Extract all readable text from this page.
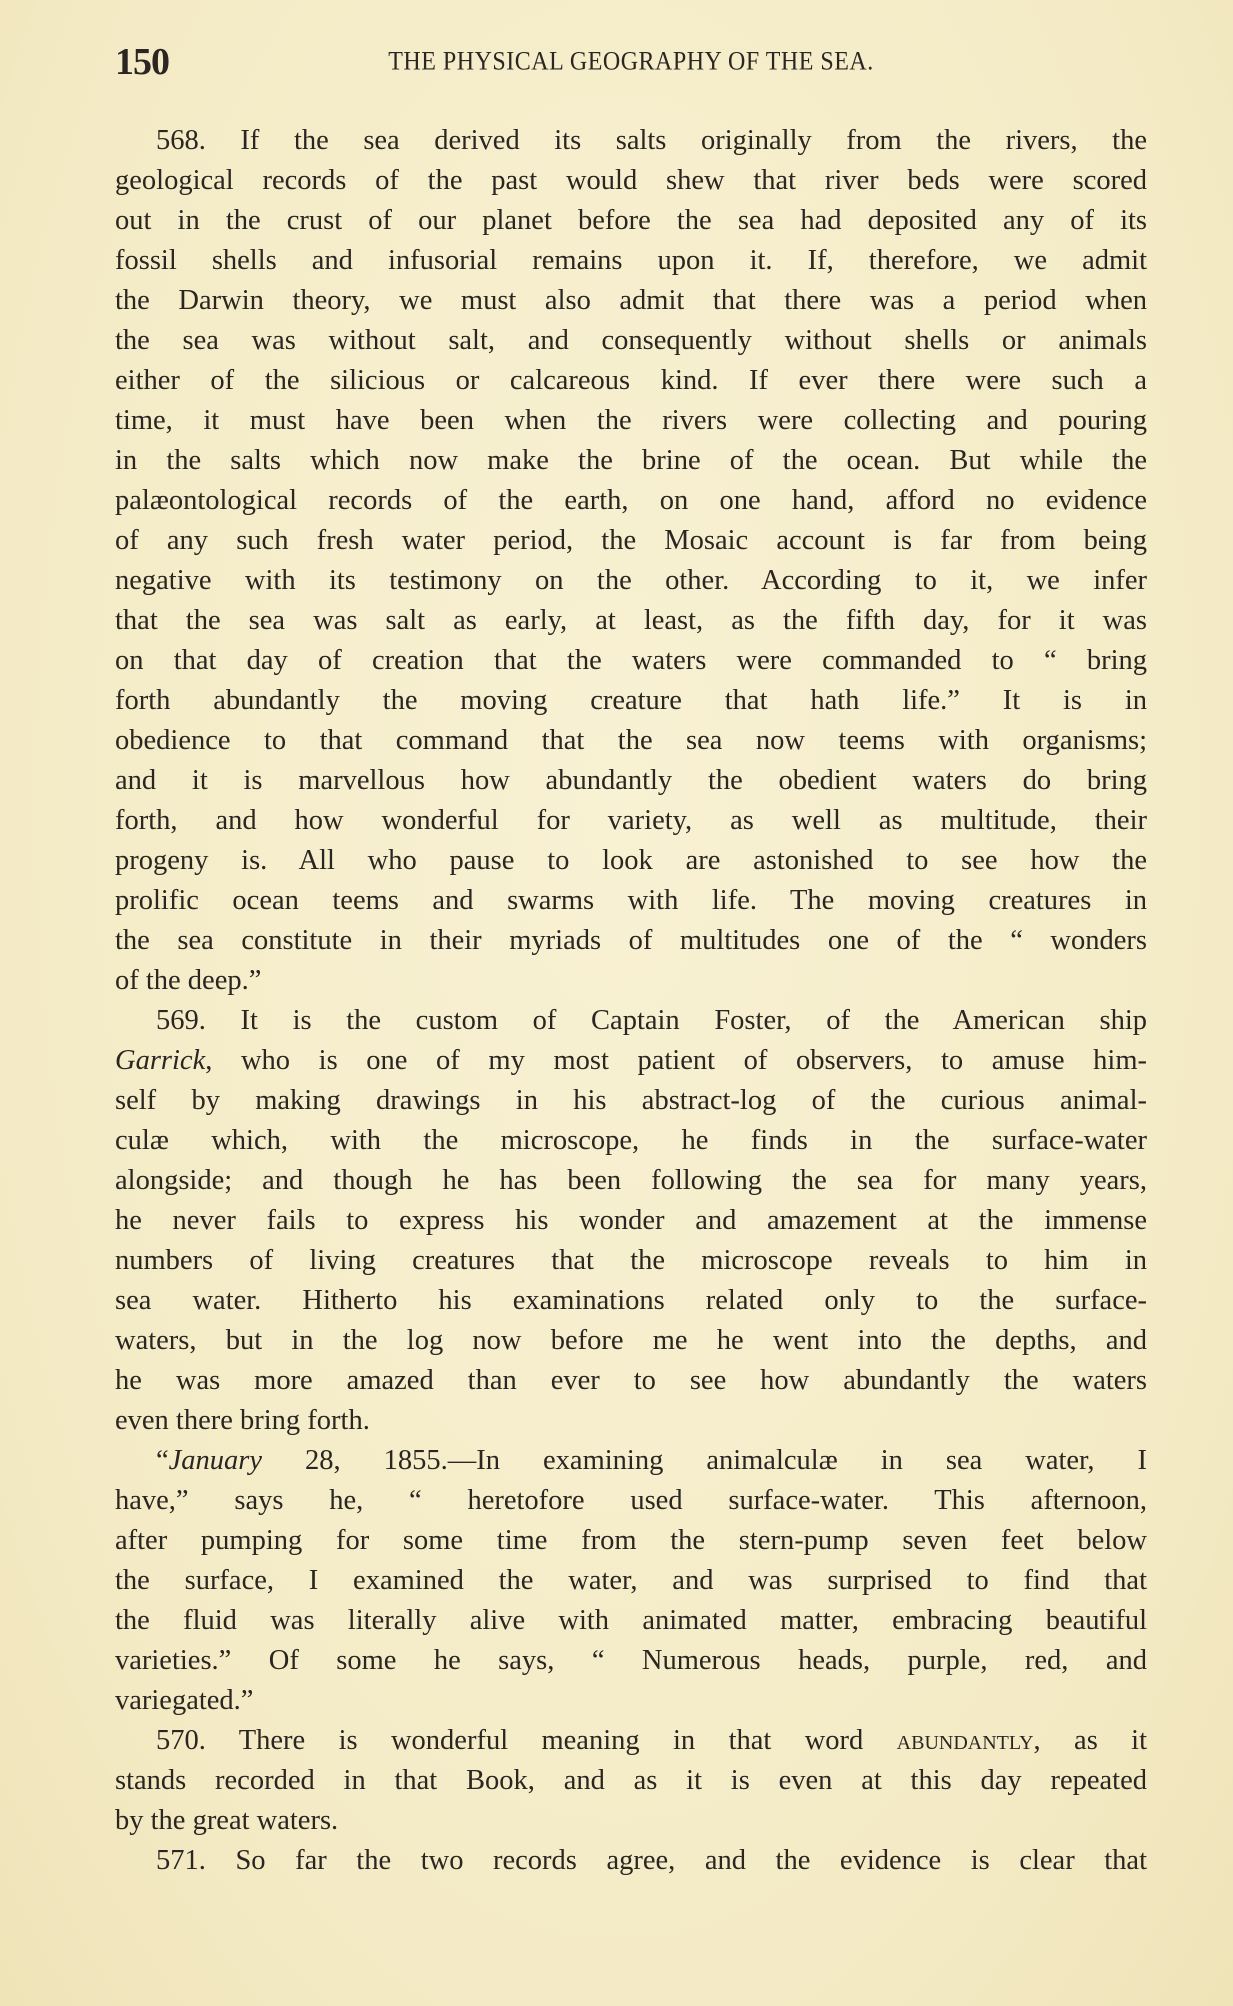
150	THE PHYSICAL GEOGRAPHY OF THE SEA.
568. If the sea derived its salts originally from the rivers, the
geological records of the past would shew that river beds were scored
out in the crust of our planet before the sea had deposited any of its
fossil shells and infusorial remains upon it. If, therefore, we admit
the Darwin theory, we must also admit that there was a period when
the sea was without salt, and consequently without shells or animals
either of the silicious or calcareous kind. If ever there were such a
time, it must have been when the rivers were collecting and pouring
in the salts which now make the brine of the ocean. But while the
palæontological records of the earth, on one hand, afford no evidence
of any such fresh water period, the Mosaic account is far from being
negative with its testimony on the other. According to it, we infer
that the sea was salt as early, at least, as the fifth day, for it was
on that day of creation that the waters were commanded to “ bring
forth abundantly the moving creature that hath life.” It is in
obedience to that command that the sea now teems with organisms;
and it is marvellous how abundantly the obedient waters do bring
forth, and how wonderful for variety, as well as multitude, their
progeny is. All who pause to look are astonished to see how the
prolific ocean teems and swarms with life. The moving creatures in
the sea constitute in their myriads of multitudes one of the “ wonders
of the deep.”
569. It is the custom of Captain Foster, of the American ship
Garrick, who is one of my most patient of observers, to amuse him-
self by making drawings in his abstract-log of the curious animal-
culæ which, with the microscope, he finds in the surface-water
alongside; and though he has been following the sea for many years,
he never fails to express his wonder and amazement at the immense
numbers of living creatures that the microscope reveals to him in
sea water. Hitherto his examinations related only to the surface-
waters, but in the log now before me he went into the depths, and
he was more amazed than ever to see how abundantly the waters
even there bring forth.
“January 28, 1855.—In examining animalculæ in sea water, I
have,” says he, “ heretofore used surface-water. This afternoon,
after pumping for some time from the stern-pump seven feet below
the surface, I examined the water, and was surprised to find that
the fluid was literally alive with animated matter, embracing beautiful
varieties.” Of some he says, “ Numerous heads, purple, red, and
variegated.”
570. There is wonderful meaning in that word abundantly, as it
stands recorded in that Book, and as it is even at this day repeated
by the great waters.
571. So far the two records agree, and the evidence is clear that
